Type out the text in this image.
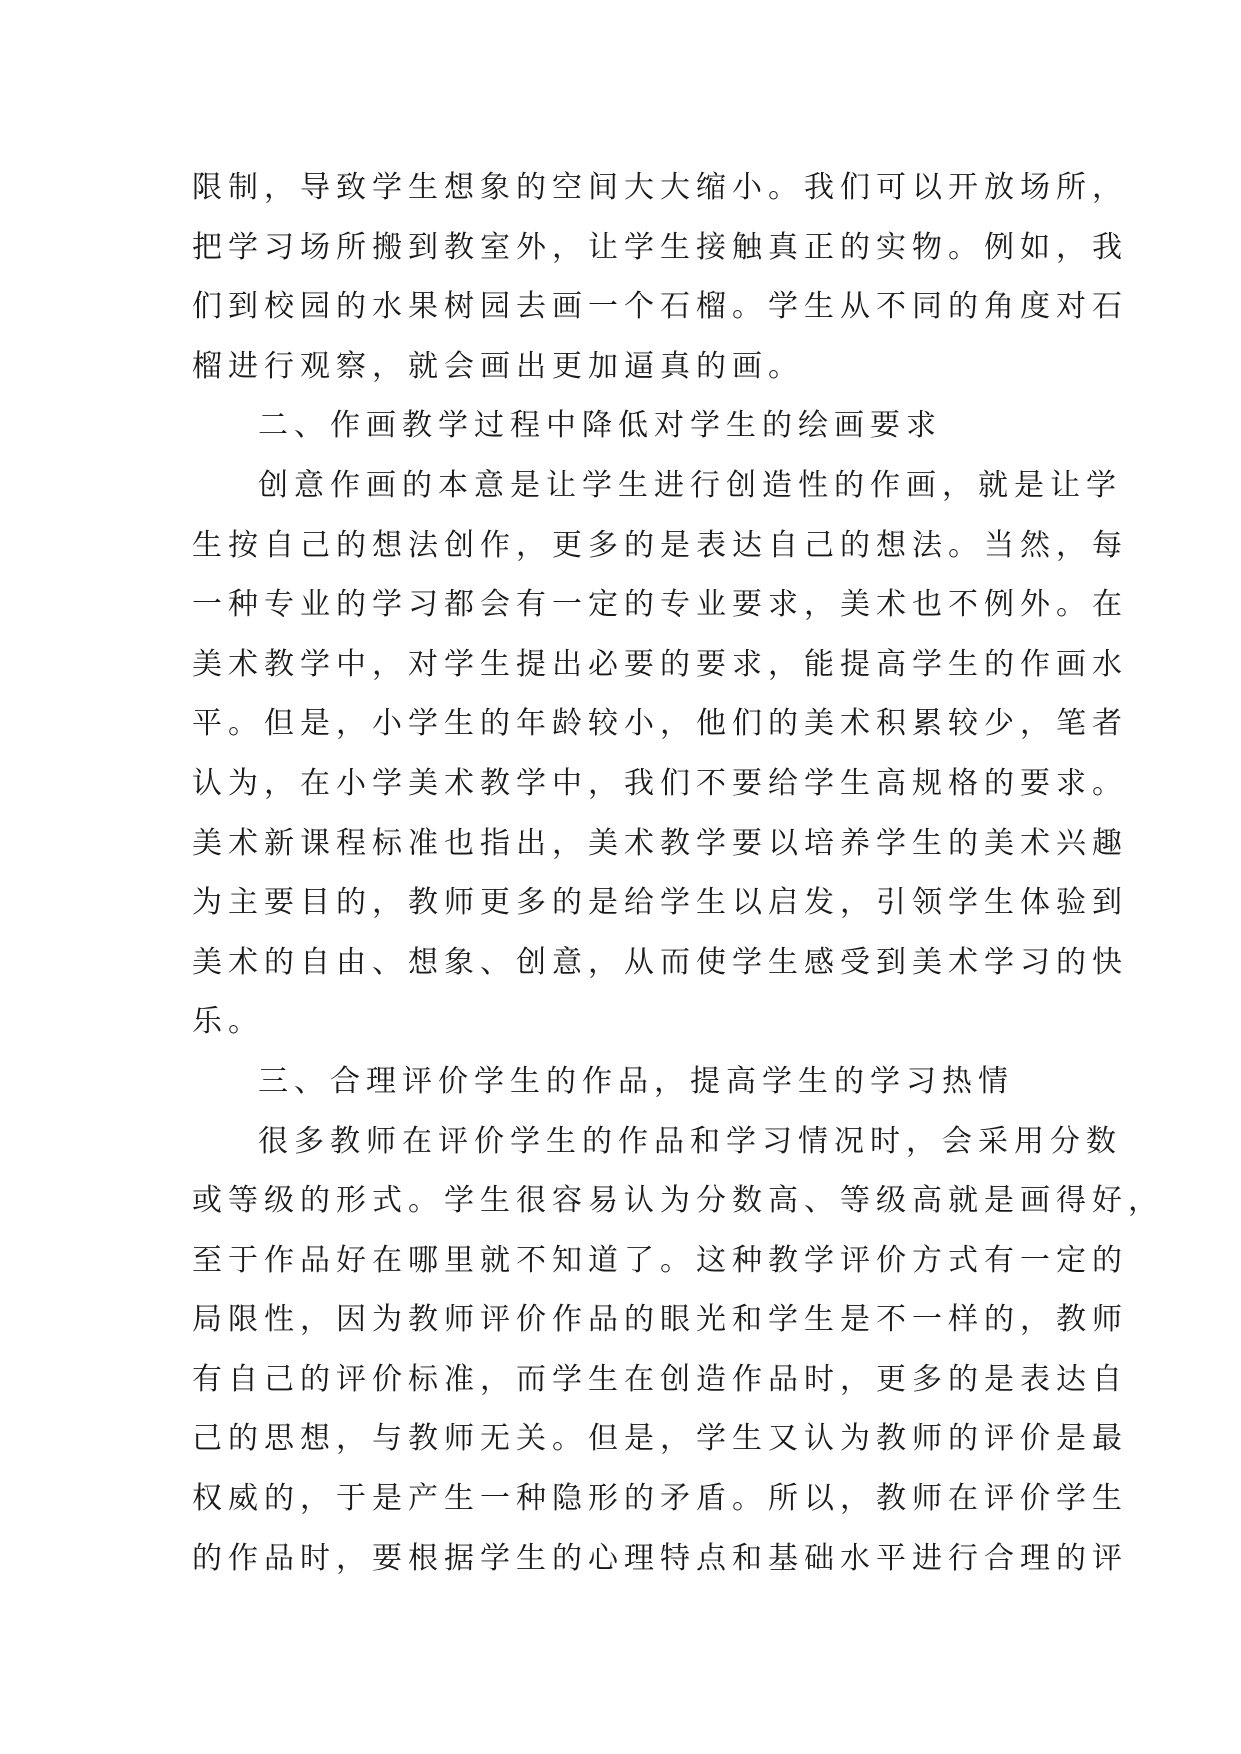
限制，导致学生想象的空间大大缩小。我们可以开放场所，
把学习场所搬到教室外，让学生接触真正的实物。例如，我
们到校园的水果树园去画一个石榴。学生从不同的角度对石
榴进行观察，就会画出更加逼真的画。
二、作画教学过程中降低对学生的绘画要求
创意作画的本意是让学生进行创造性的作画，就是让学
生按自己的想法创作，更多的是表达自己的想法。当然，每
一种专业的学习都会有一定的专业要求，美术也不例外。在
美术教学中，对学生提出必要的要求，能提高学生的作画水
平。但是，小学生的年龄较小，他们的美术积累较少，笔者
认为，在小学美术教学中，我们不要给学生高规格的要求。
美术新课程标准也指出，美术教学要以培养学生的美术兴趣
为主要目的，教师更多的是给学生以启发，引领学生体验到
美术的自由、想象、创意，从而使学生感受到美术学习的快
乐。
三、合理评价学生的作品，提高学生的学习热情
很多教师在评价学生的作品和学习情况时，会采用分数
或等级的形式。学生很容易认为分数高、等级高就是画得好，
至于作品好在哪里就不知道了。这种教学评价方式有一定的
局限性，因为教师评价作品的眼光和学生是不一样的，教师
有自己的评价标准，而学生在创造作品时，更多的是表达自
己的思想，与教师无关。但是，学生又认为教师的评价是最
权威的，于是产生一种隐形的矛盾。所以，教师在评价学生
的作品时，要根据学生的心理特点和基础水平进行合理的评
